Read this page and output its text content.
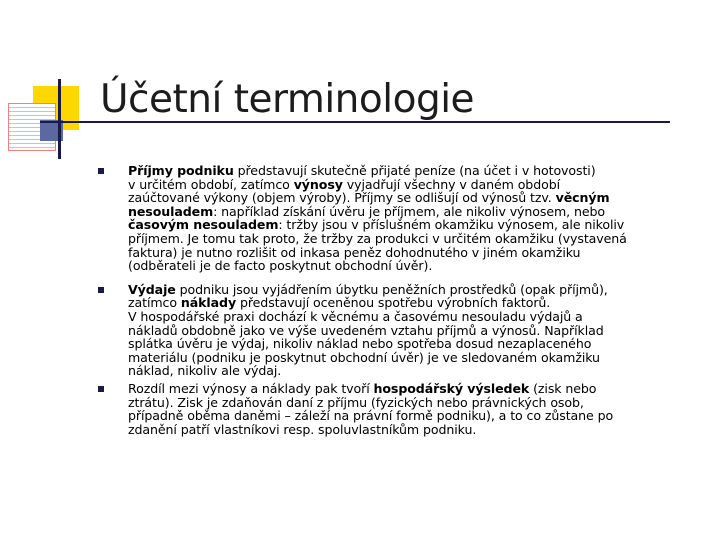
Účetní terminologie

Příjmy podniku představují skutečně přijaté peníze (na účet i v hotovosti)
v určitém období, zatímco výnosy vyjadřují všechny v daném období
zaúčtované výkony (objem výroby). Příjmy se odlišují od výnosů tzv. věcným
nesouladem: například získání úvěru je příjmem, ale nikoliv výnosem, nebo
časovým nesouladem: tržby jsou v příslušném okamžiku výnosem, ale nikoliv
příjmem. Je tomu tak proto, že tržby za produkci v určitém okamžiku (vystavená
faktura) je nutno rozlišit od inkasa peněz dohodnutého v jiném okamžiku
(odběrateli je de facto poskytnut obchodní úvěr).

Výdaje podniku jsou vyjádřením úbytku peněžních prostředků (opak příjmů),
zatímco náklady představují oceněnou spotřebu výrobních faktorů.
V hospodářské praxi dochází k věcnému a časovému nesouladu výdajů a
nákladů obdobně jako ve výše uvedeném vztahu příjmů a výnosů. Například
splátka úvěru je výdaj, nikoliv náklad nebo spotřeba dosud nezaplaceného
materiálu (podniku je poskytnut obchodní úvěr) je ve sledovaném okamžiku
náklad, nikoliv ale výdaj.

Rozdíl mezi výnosy a náklady pak tvoří hospodářský výsledek (zisk nebo
ztrátu). Zisk je zdaňován daní z příjmu (fyzických nebo právnických osob,
případně oběma daněmi – záleží na právní formě podniku), a to co zůstane po
zdanění patří vlastníkovi resp. spoluvlastníkům podniku.
